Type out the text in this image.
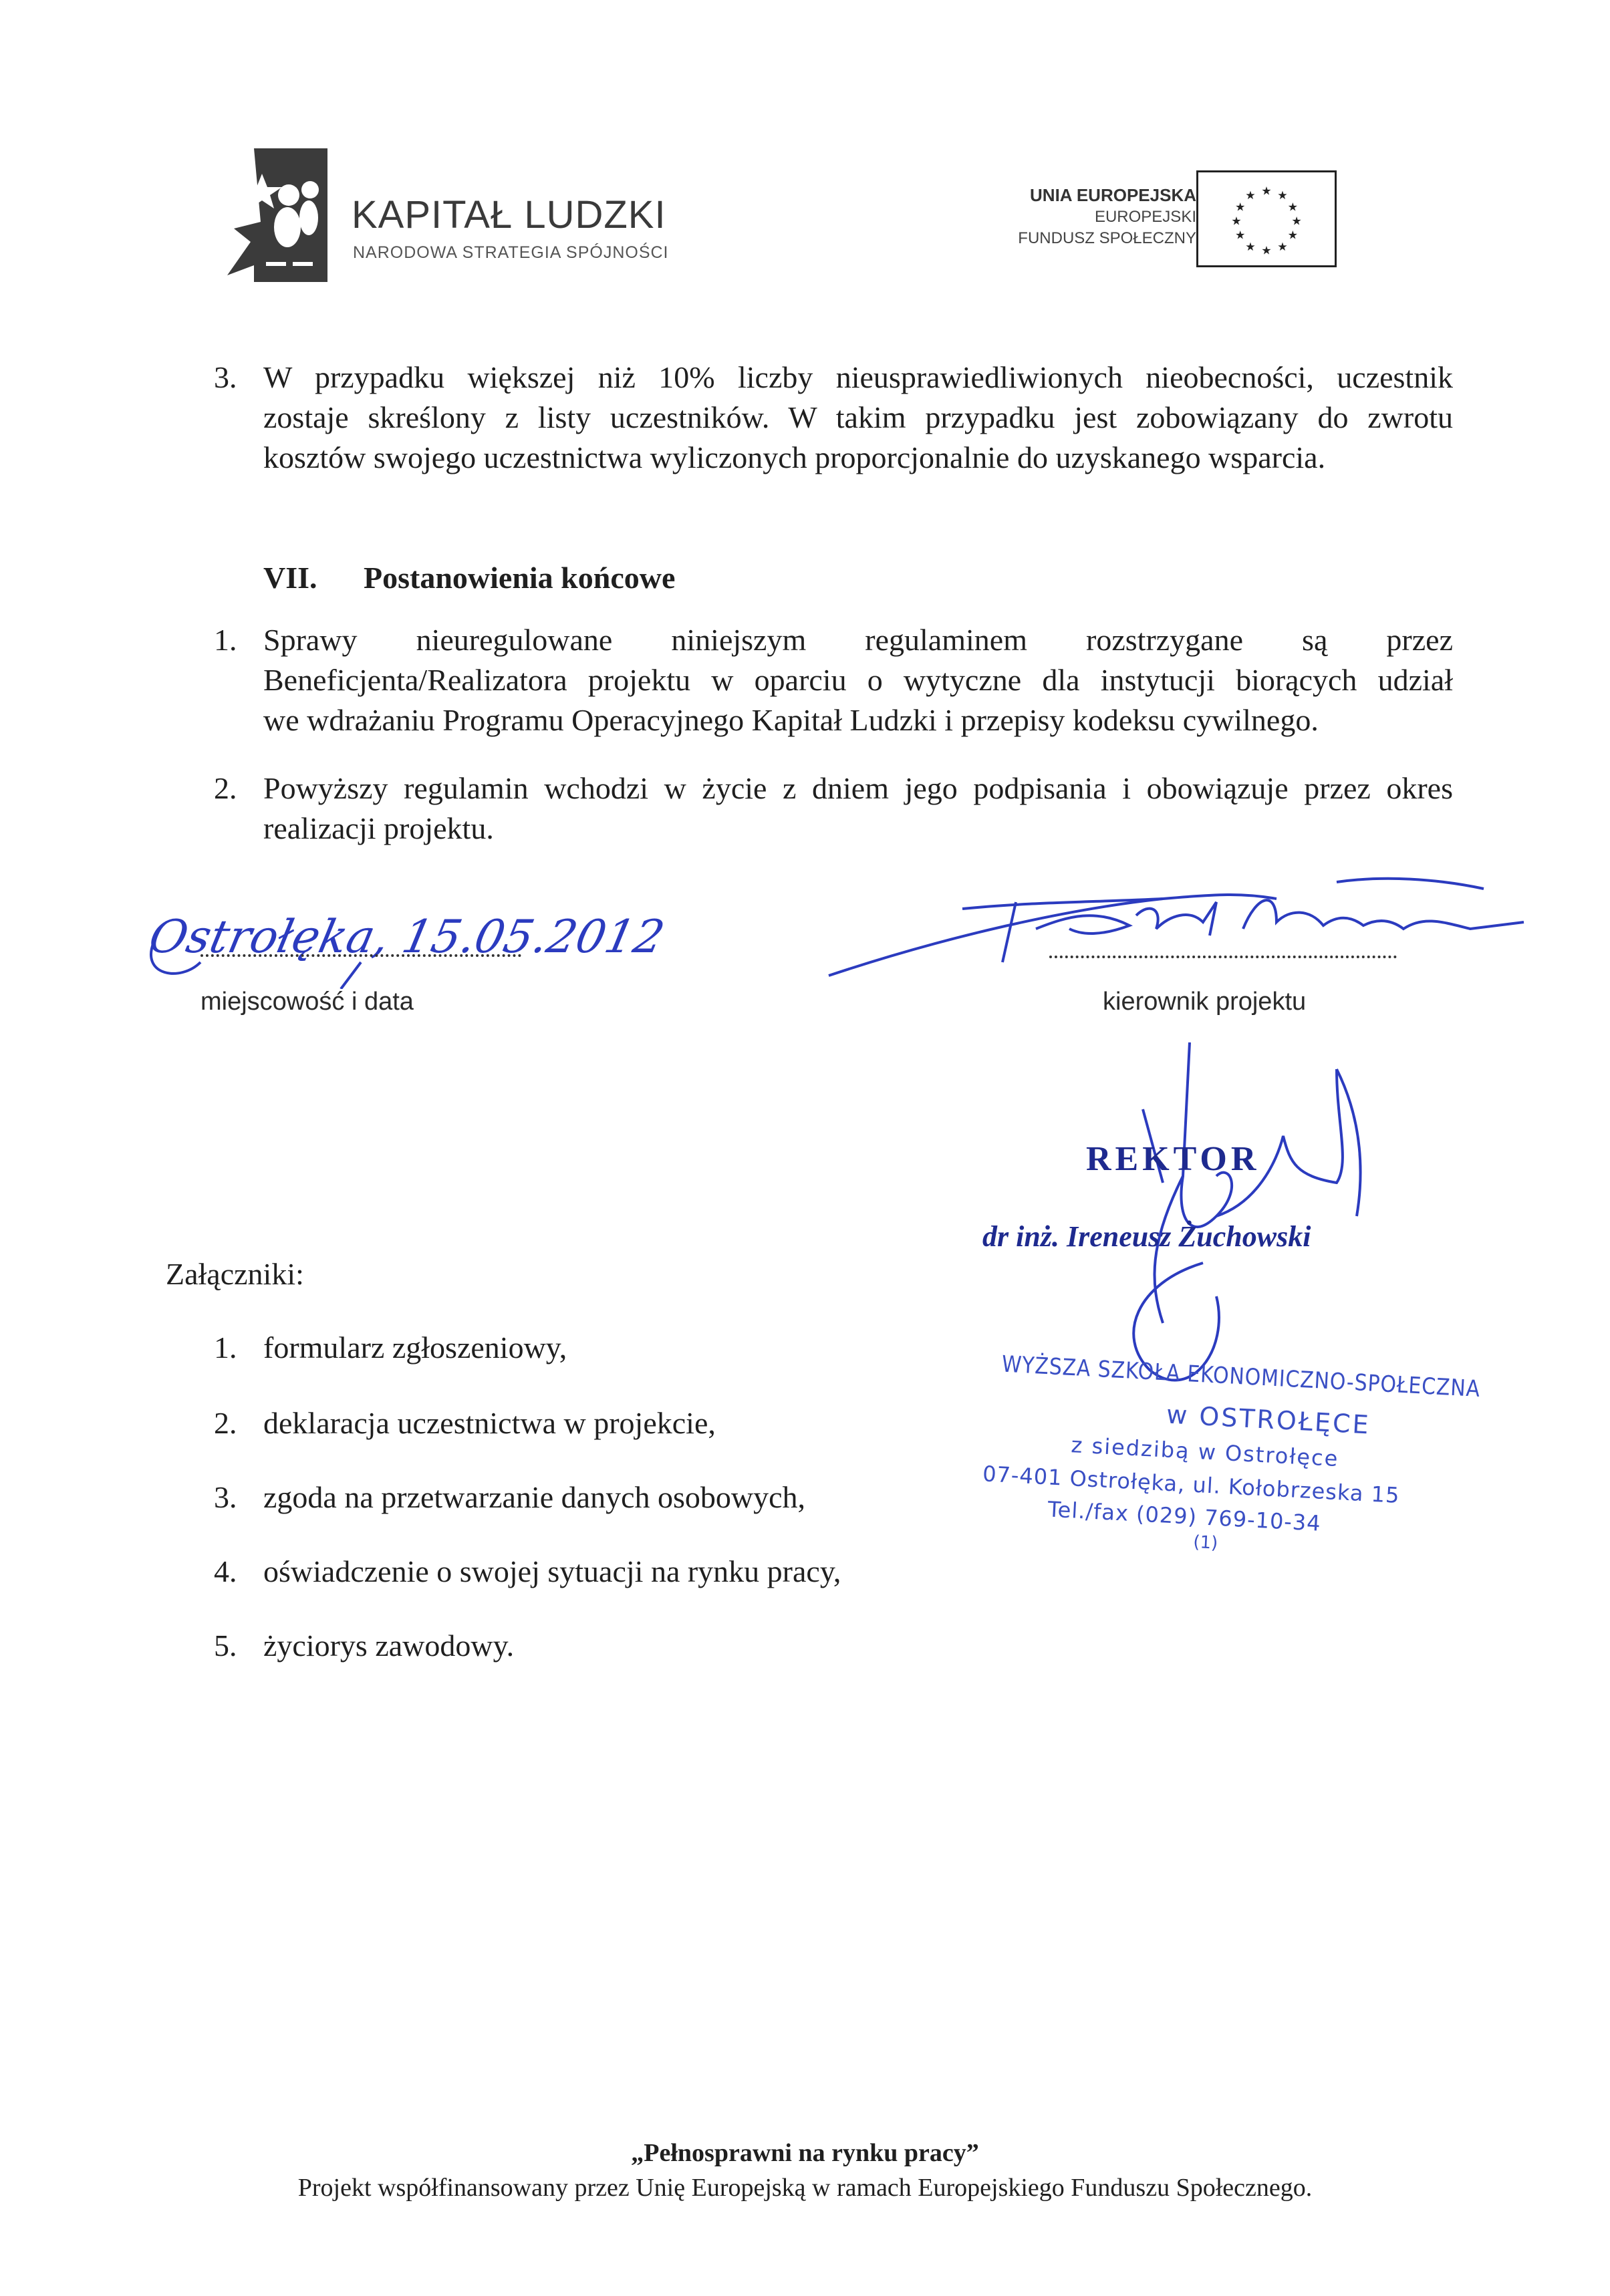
KAPITAŁ LUDZKI
NARODOWA STRATEGIA SPÓJNOŚCI
UNIA EUROPEJSKA
EUROPEJSKI
FUNDUSZ SPOŁECZNY
★ ★
★
★
★
★
★
★
★
★
★
★
3. W przypadku większej niż 10% liczby nieusprawiedliwionych nieobecności, uczestnik
zostaje skreślony z listy uczestników. W takim przypadku jest zobowiązany do zwrotu
kosztów swojego uczestnictwa wyliczonych proporcjonalnie do uzyskanego wsparcia.
VII. Postanowienia końcowe
1. Sprawy nieuregulowane niniejszym regulaminem rozstrzygane są przez
Beneficjenta/Realizatora projektu w oparciu o wytyczne dla instytucji biorących udział
we wdrażaniu Programu Operacyjnego Kapitał Ludzki i przepisy kodeksu cywilnego.
2. Powyższy regulamin wchodzi w życie z dniem jego podpisania i obowiązuje przez okres
realizacji projektu.
Ostrołęka, 15.05.2012
miejscowość i data	kierownik projektu
REKTOR
dr inż. Ireneusz Żuchowski
WYŻSZA SZKOŁA EKONOMICZNO-SPOŁECZNA
w OSTROŁĘCE
z siedzibą w Ostrołęce
07-401 Ostrołęka, ul. Kołobrzeska 15
Tel./fax (029) 769-10-34
(1)
Załączniki:
1. formularz zgłoszeniowy,
2. deklaracja uczestnictwa w projekcie,
3. zgoda na przetwarzanie danych osobowych,
4. oświadczenie o swojej sytuacji na rynku pracy,
5. życiorys zawodowy.
„Pełnosprawni na rynku pracy”
Projekt współfinansowany przez Unię Europejską w ramach Europejskiego Funduszu Społecznego.
